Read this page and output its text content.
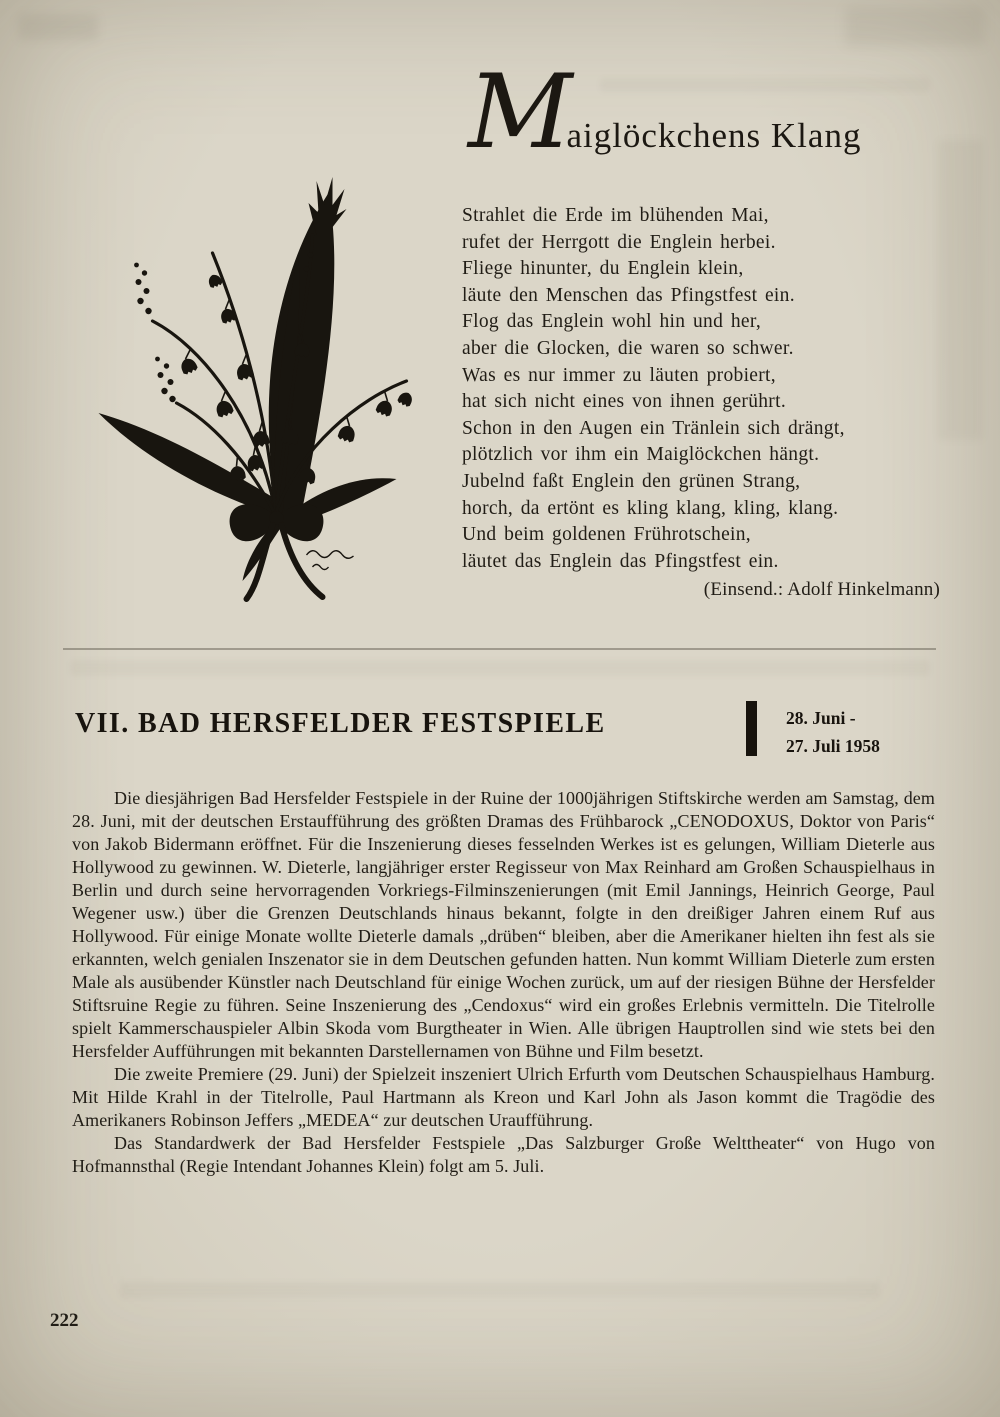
M
aiglöckchens Klang
Strahlet die Erde im blühenden Mai,
rufet der Herrgott die Englein herbei.
Fliege hinunter, du Englein klein,
läute den Menschen das Pfingstfest ein.
Flog das Englein wohl hin und her,
aber die Glocken, die waren so schwer.
Was es nur immer zu läuten probiert,
hat sich nicht eines von ihnen gerührt.
Schon in den Augen ein Tränlein sich drängt,
plötzlich vor ihm ein Maiglöckchen hängt.
Jubelnd faßt Englein den grünen Strang,
horch, da ertönt es kling klang, kling, klang.
Und beim goldenen Frührotschein,
läutet das Englein das Pfingstfest ein.
(Einsend.: Adolf Hinkelmann)
VII. BAD HERSFELDER FESTSPIELE	28. Juni -
27. Juli 1958

Die diesjährigen Bad Hersfelder Festspiele in der Ruine der 1000jährigen Stiftskirche werden am Samstag, dem 28. Juni, mit der deutschen Erstaufführung des größten Dramas des Frühbarock „CENODOXUS, Doktor von Paris“ von Jakob Bidermann eröffnet. Für die Inszenierung dieses fesselnden Werkes ist es gelungen, William Dieterle aus Hollywood zu gewinnen. W. Dieterle, langjähriger erster Regisseur von Max Reinhard am Großen Schauspielhaus in Berlin und durch seine hervorragenden Vorkriegs-Filminszenierungen (mit Emil Jannings, Heinrich George, Paul Wegener usw.) über die Grenzen Deutschlands hinaus bekannt, folgte in den dreißiger Jahren einem Ruf aus Hollywood. Für einige Monate wollte Dieterle damals „drüben“ bleiben, aber die Amerikaner hielten ihn fest als sie erkannten, welch genialen Inszenator sie in dem Deutschen gefunden hatten. Nun kommt William Dieterle zum ersten Male als ausübender Künstler nach Deutschland für einige Wochen zurück, um auf der riesigen Bühne der Hersfelder Stiftsruine Regie zu führen. Seine Inszenierung des „Cendoxus“ wird ein großes Erlebnis vermitteln. Die Titelrolle spielt Kammerschauspieler Albin Skoda vom Burgtheater in Wien. Alle übrigen Hauptrollen sind wie stets bei den Hersfelder Aufführungen mit bekannten Darstellernamen von Bühne und Film besetzt.

Die zweite Premiere (29. Juni) der Spielzeit inszeniert Ulrich Erfurth vom Deutschen Schauspielhaus Hamburg. Mit Hilde Krahl in der Titelrolle, Paul Hartmann als Kreon und Karl John als Jason kommt die Tragödie des Amerikaners Robinson Jeffers „MEDEA“ zur deutschen Uraufführung.

Das Standardwerk der Bad Hersfelder Festspiele „Das Salzburger Große Welttheater“ von Hugo von Hofmannsthal (Regie Intendant Johannes Klein) folgt am 5. Juli.

222
